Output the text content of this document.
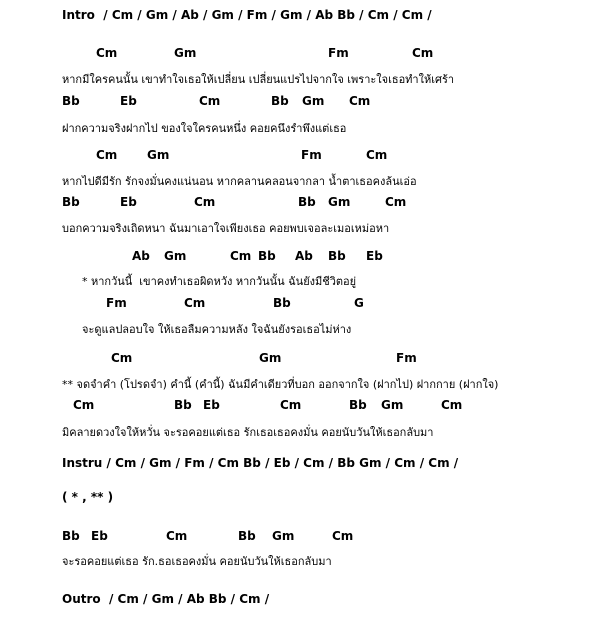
Intro  / Cm / Gm / Ab / Gm / Fm / Gm / Ab Bb / Cm / Cm /
Cm	Gm	Fm	Cm
หากมีใครคนนั้น เขาทำใจเธอให้เปลี่ยน เปลี่ยนแปรไปจากใจ เพราะใจเธอทำให้เศร้า
Bb	Eb	Cm	Bb Gm Cm
ฝากความจริงฝากไป ของใจใครคนหนึ่ง คอยคนึงรำพึงแต่เธอ
Cm Gm	Fm	Cm
หากไปดีมีรัก รักจงมั่นคงแน่นอน หากคลานคลอนจากลา น้ำตาเธอคงล้นเอ่อ
Bb	Eb	Cm	Bb Gm	Cm
บอกความจริงเถิดหนา ฉันมาเอาใจเพียงเธอ คอยพบเจอละเมอเหม่อหา
Ab Gm	Cm Bb Ab Bb Eb
* หากวันนี้  เขาคงทำเธอผิดหวัง หากวันนั้น ฉันยังมีชีวิตอยู่
Fm	Cm	Bb	G
จะดูแลปลอบใจ ให้เธอลืมความหลัง ใจฉันยังรอเธอไม่ห่าง
Cm	Gm	Fm
** จดจำคำ (โปรดจำ) คำนี้ (คำนี้) ฉันมีคำเดียวที่บอก ออกจากใจ (ฝากไป) ฝากกาย (ฝากใจ)
Cm	Bb Eb	Cm	Bb Gm	Cm
มิคลายดวงใจให้หวั่น จะรอคอยแต่เธอ รักเธอเธอคงมั่น คอยนับวันให้เธอกลับมา
Instru / Cm / Gm / Fm / Cm Bb / Eb / Cm / Bb Gm / Cm / Cm /
( * , ** )
Bb Eb	Cm	Bb Gm	Cm
จะรอคอยแต่เธอ รัก.ธอเธอคงมั่น คอยนับวันให้เธอกลับมา
Outro  / Cm / Gm / Ab Bb / Cm /
